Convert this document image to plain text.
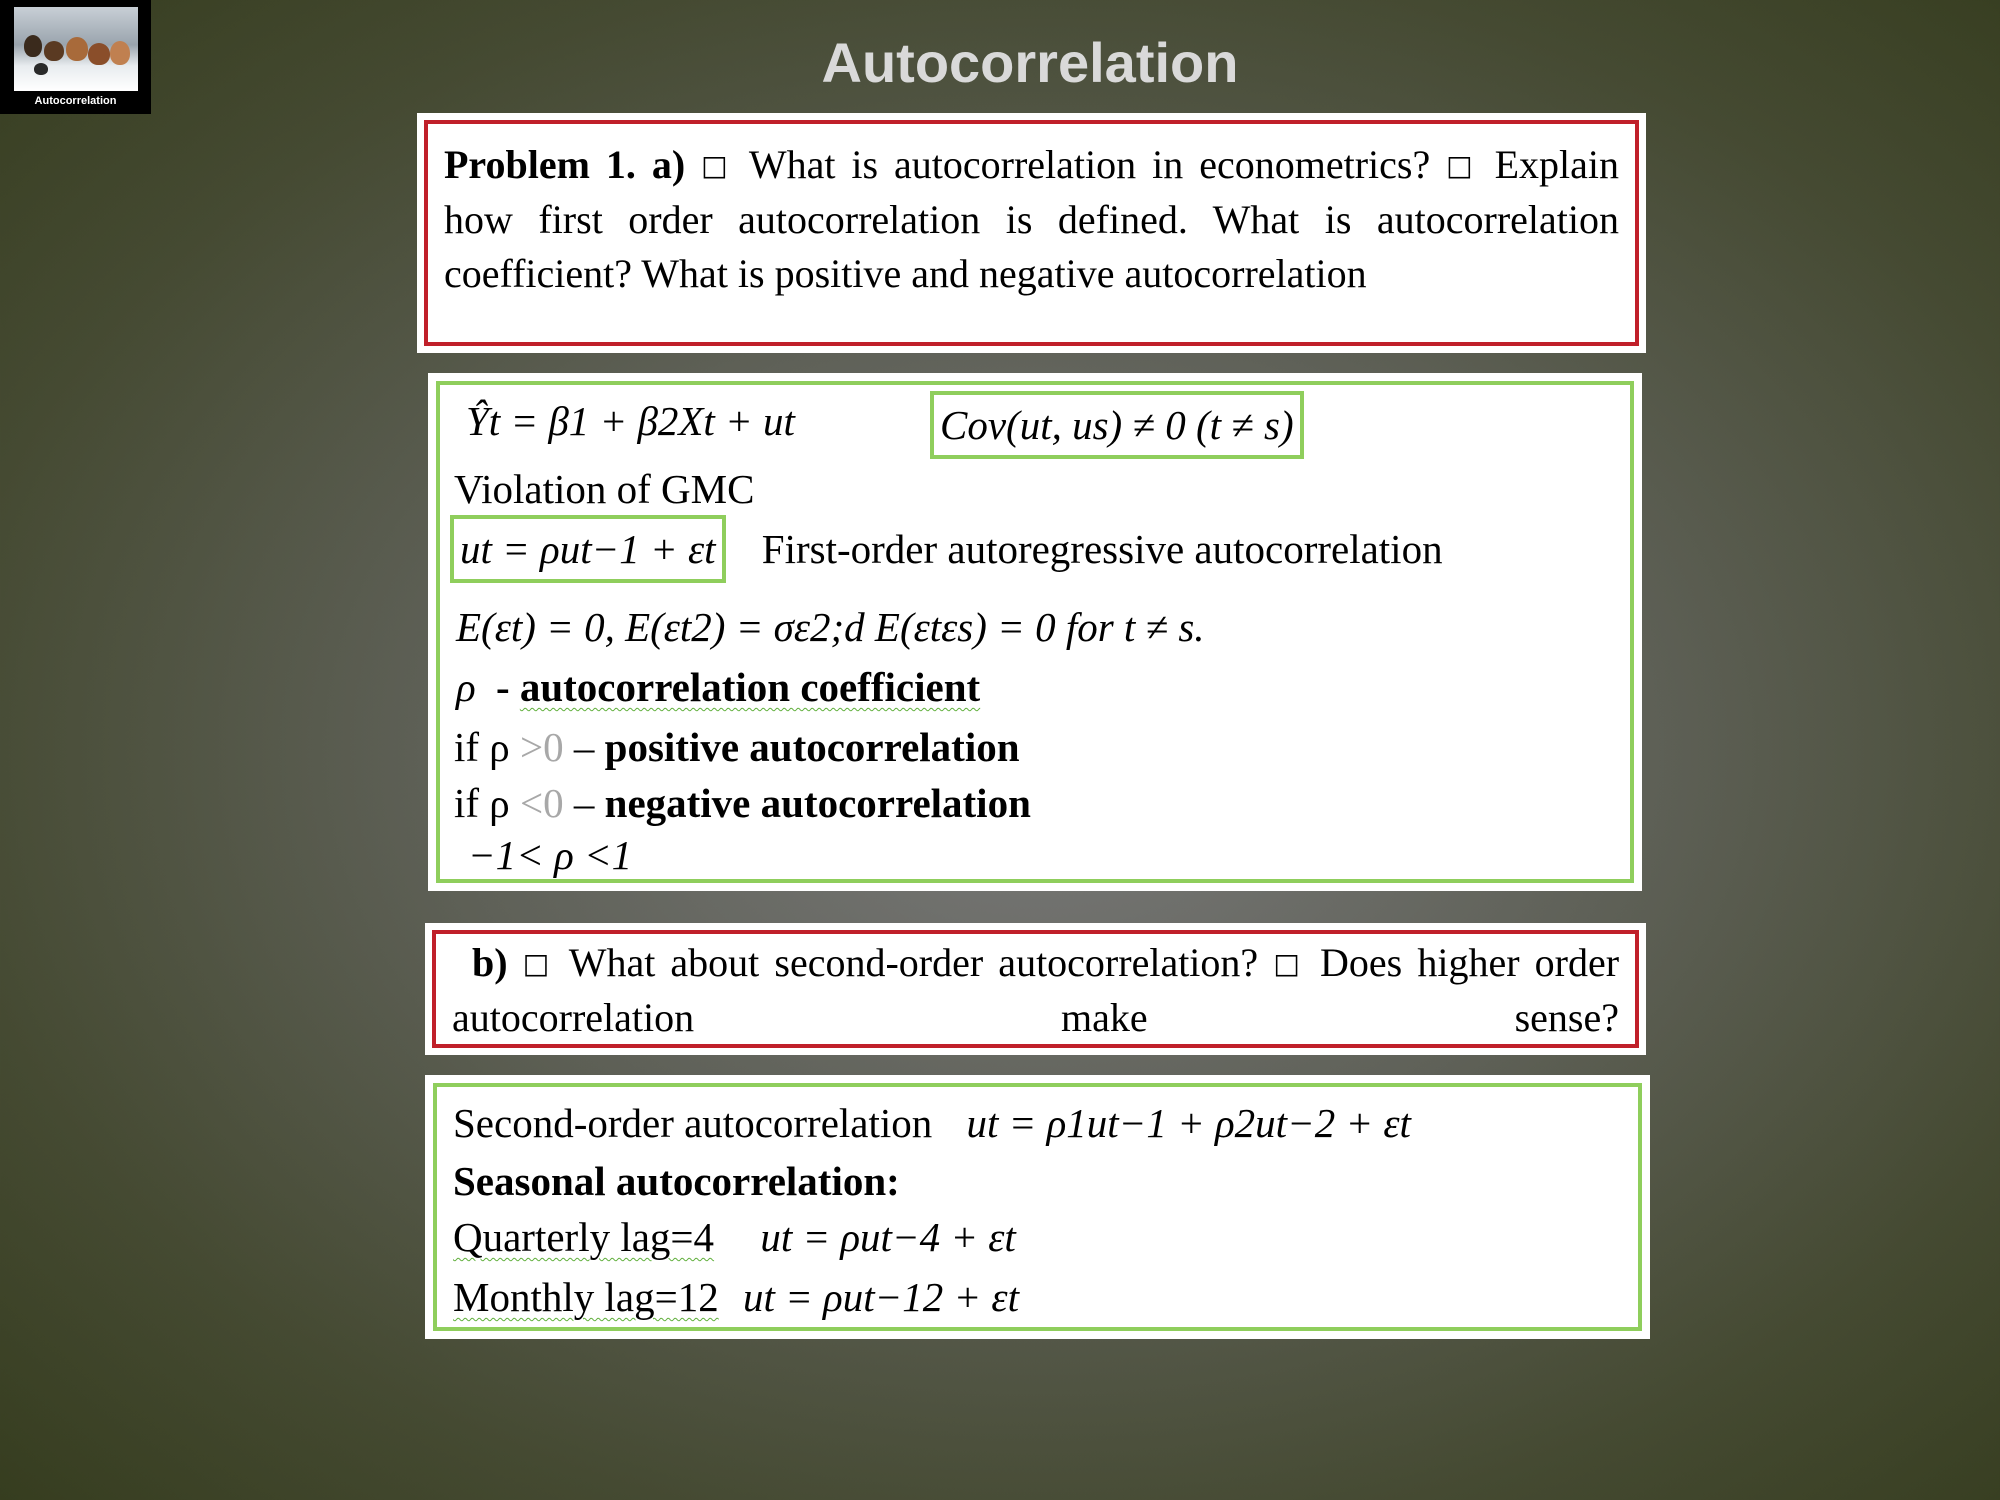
Autocorrelation
Autocorrelation

Problem 1. a) □ What is autocorrelation in econometrics? □ Explain how first order autocorrelation is defined. What is autocorrelation coefficient? What is positive and negative autocorrelation

Ŷt = β1 + β2Xt + ut	Cov(ut, us) ≠ 0 (t ≠ s)
Violation of GMC
ut = ρut−1 + εt First-order autoregressive autocorrelation
E(εt) = 0, E(εt2) = σε2;d E(εtεs) = 0 for t ≠ s.
ρ - autocorrelation coefficient
if ρ >0 – positive autocorrelation
if ρ <0 – negative autocorrelation
−1< ρ <1

b) □ What about second-order autocorrelation? □ Does higher order autocorrelation make sense?

Second-order autocorrelation ut = ρ1ut−1 + ρ2ut−2 + εt
Seasonal autocorrelation:
Quarterly lag=4 ut = ρut−4 + εt
Monthly lag=12 ut = ρut−12 + εt
